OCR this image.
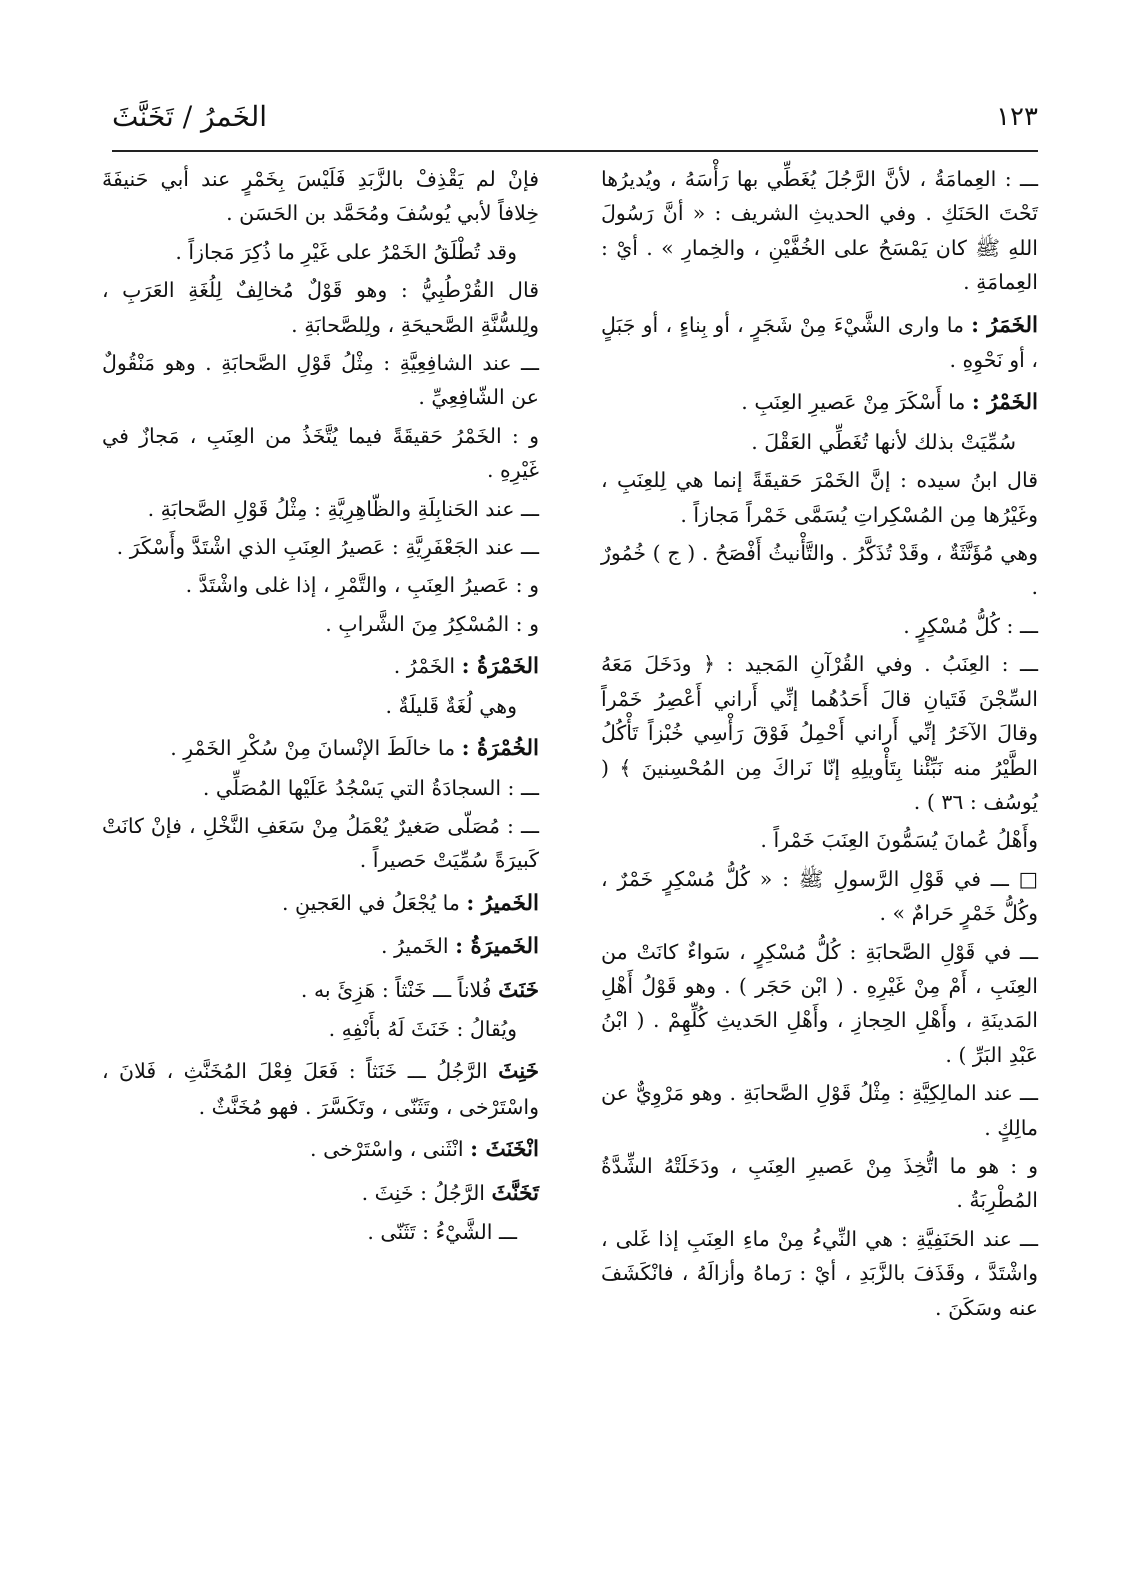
١٢٣
الخَمرُ / تَخَنَّثَ

ـــ : العِمامَةُ ، لأنَّ الرَّجُلَ يُغَطِّي بها رَأْسَهُ ، ويُديرُها تَحْتَ الحَنَكِ . وفي الحديثِ الشريف : « أنَّ رَسُولَ اللهِ ﷺ كان يَمْسَحُ على الخُفَّيْنِ ، والخِمارِ » . أيْ : العِمامَةِ .

الخَمَرُ : ما وارى الشَّيْءَ مِنْ شَجَرٍ ، أو بِناءٍ ، أو جَبَلٍ ، أو نَحْوِهِ .

الخَمْرُ : ما أَسْكَرَ مِنْ عَصيرِ العِنَبِ .

سُمِّيَتْ بذلك لأنها تُغَطِّي العَقْلَ .

قال ابنُ سيده : إنَّ الخَمْرَ حَقيقَةً إنما هي لِلعِنَبِ ، وغَيْرُها مِن المُسْكِراتِ يُسَمَّى خَمْراً مَجازاً .

وهي مُؤَنَّثَةٌ ، وقَدْ تُذَكَّرُ . والتَّأْنيثُ أَفْصَحُ . ( ج ) خُمُورٌ .

ـــ : كُلُّ مُسْكِرٍ .

ـــ : العِنَبُ . وفي القُرْآنِ المَجيد : ﴿ ودَخَلَ مَعَهُ السِّجْنَ فَتَيانِ قالَ أَحَدُهُما إنِّي أَراني أَعْصِرُ خَمْراً وقالَ الآخَرُ إنِّي أَراني أَحْمِلُ فَوْقَ رَأْسِي خُبْزاً تَأْكُلُ الطَّيْرُ منه نَبِّئْنا بِتَأْويلِهِ إنّا نَراكَ مِن المُحْسِنينَ ﴾ ( يُوسُف : ٣٦ ) .

وأَهْلُ عُمانَ يُسَمُّونَ العِنَبَ خَمْراً .

□ ـــ في قَوْلِ الرَّسولِ ﷺ : « كُلُّ مُسْكِرٍ خَمْرٌ ، وكُلُّ خَمْرٍ حَرامٌ » .

ـــ في قَوْلِ الصَّحابَةِ : كُلُّ مُسْكِرٍ ، سَواءٌ كانَتْ من العِنَبِ ، أَمْ مِنْ غَيْرِهِ . ( ابْن حَجَر ) . وهو قَوْلُ أَهْلِ المَدينَةِ ، وأَهْلِ الحِجازِ ، وأَهْلِ الحَديثِ كُلِّهِمْ . ( ابْنُ عَبْدِ البَرِّ ) .

ـــ عند المالِكِيَّةِ : مِثْلُ قَوْلِ الصَّحابَةِ . وهو مَرْوِيٌّ عن مالِكٍ .

و : هو ما اتُّخِذَ مِنْ عَصيرِ العِنَبِ ، ودَخَلَتْهُ الشِّدَّةُ المُطْرِبَةُ .

ـــ عند الحَنَفِيَّةِ : هي النِّيءُ مِنْ ماءِ العِنَبِ إذا غَلى ، واشْتَدَّ ، وقَذَفَ بالزَّبَدِ ، أيْ : رَماهُ وأزالَهُ ، فانْكَشَفَ عنه وسَكَنَ .

فإنْ لم يَقْذِفْ بالزَّبَدِ فَلَيْسَ بِخَمْرٍ عند أبي حَنيفَةَ خِلافاً لأبي يُوسُفَ ومُحَمَّد بن الحَسَن .

وقد تُطْلَقُ الخَمْرُ على غَيْرِ ما ذُكِرَ مَجازاً .

قال القُرْطُبِيُّ : وهو قَوْلٌ مُخالِفٌ لِلُغَةِ العَرَبِ ، ولِلسُّنَّةِ الصَّحيحَةِ ، ولِلصَّحابَةِ .

ـــ عند الشافِعِيَّةِ : مِثْلُ قَوْلِ الصَّحابَةِ . وهو مَنْقُولٌ عن الشّافِعِيِّ .

و : الخَمْرُ حَقيقَةً فيما يُتَّخَذُ من العِنَبِ ، مَجازٌ في غَيْرِهِ .

ـــ عند الحَنابِلَةِ والظّاهِرِيَّةِ : مِثْلُ قَوْلِ الصَّحابَةِ .

ـــ عند الجَعْفَرِيَّةِ : عَصيرُ العِنَبِ الذي اشْتَدَّ وأَسْكَرَ .

و : عَصيرُ العِنَبِ ، والتَّمْرِ ، إذا غلى واشْتَدَّ .

و : المُسْكِرُ مِنَ الشَّرابِ .

الخَمْرَةُ : الخَمْرُ .

وهي لُغَةٌ قَليلَةٌ .

الخُمْرَةُ : ما خالَطَ الإنْسانَ مِنْ سُكْرِ الخَمْرِ .

ـــ : السجادَةُ التي يَسْجُدُ عَلَيْها المُصَلِّي .

ـــ : مُصَلّى صَغيرٌ يُعْمَلُ مِنْ سَعَفِ النَّخْلِ ، فإنْ كانَتْ كَبيرَةً سُمِّيَتْ حَصيراً .

الخَميرُ : ما يُجْعَلُ في العَجينِ .

الخَميرَةُ : الخَميرُ .

خَنَثَ فُلاناً ـــ خَنْثاً : هَزِئَ به .

ويُقالُ : خَنَثَ لَهُ بأَنْفِهِ .

خَنِثَ الرَّجُلُ ـــ خَنَثاً : فَعَلَ فِعْلَ المُخَنَّثِ ، فَلانَ ، واسْتَرْخى ، وتَثَنّى ، وتَكَسَّرَ . فهو مُخَنَّثٌ .

انْخَنَثَ : انْثَنى ، واسْتَرْخى .

تَخَنَّثَ الرَّجُلُ : خَنِثَ .

ـــ الشَّيْءُ : تَثَنّى .
